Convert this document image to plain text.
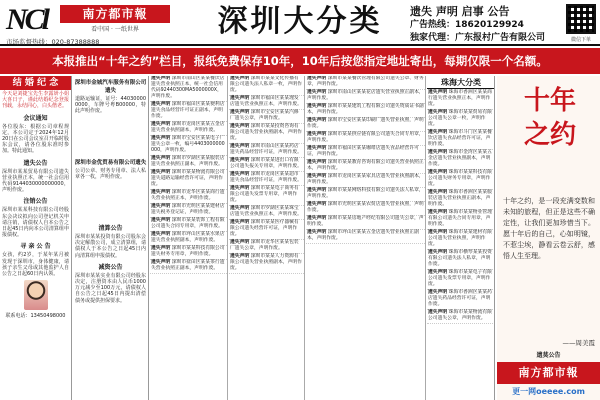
NCl	南方都市報
看中国 · 一纸世界
市场监督热线：020-87388888
深圳大分类	遗失 声明 启事 公告
广告热线：18620129924
独家代理：广东报村广告有限公司	微信下单
本报推出“十年之约”栏目，报纸免费保存10年，10年后按您指定地址寄出，每期仅限一个名额。
结 婚 纪 念
今天是刘捷宝先生李露妍小姐大喜日子，谨此结婚纪念登报刊载，永结同心，白头偕老。
会议通知
各位股东：根据公司章程规定，本公司定于2024年12月20日在公司会议室召开临时股东会议，请各位股东准时参加。特此通知。
遗失公告
深圳市某某贸易有限公司遗失营业执照正本，统一社会信用代码9144030000000000，声明作废。
注销公告
深圳市某某科技有限公司经股东会决议拟向公司登记机关申请注销，请债权人自本公告之日起45日内向本公司清算组申报债权。
寻 亲 公 告
女孩，约2岁，于某年某月被发现于深圳市，身体健康，请孩子亲生父母或其他监护人自公告之日起60日内认领。
联系电话：13450498000
深圳市金城汽车服务有限公司遗失
道路运输证，证号：440300000000，车牌号粤B00000，特此声明作废。
深圳市金优贸易有限公司遗失
公司公章、财务专用章、法人私章各一枚，声明作废。
清算公告
深圳市某某投资有限公司股东会决定解散公司，成立清算组，请债权人于本公告之日起45日内向清算组申报债权。
减资公告
深圳市某某实业有限公司经股东决定，注册资本由人民币1000万元减少至100万元，请债权人自公告之日起45日内提出清偿债务或提供担保要求。
遗失声明 深圳市南山区某某餐饮店遗失营业执照正本，统一社会信用代码92440300MA5000000X，声明作废。
遗失声明 深圳市福田区某某便利店遗失食品经营许可证正副本，声明作废。
遗失声明 深圳市龙岗区某某五金店遗失营业执照副本，声明作废。
遗失声明 深圳市宝安区某某电子厂遗失公章一枚，编号4403000000000，声明作废。
遗失声明 深圳市罗湖区某某服装店遗失营业执照正副本，声明作废。
遗失声明 深圳市某某物流有限公司遗失道路运输经营许可证，声明作废。
遗失声明 深圳市龙华区某某商行遗失营业执照正本，声明作废。
遗失声明 深圳市光明区某某建材店遗失税务登记证，声明作废。
遗失声明 深圳市某某装饰工程有限公司遗失合同专用章，声明作废。
遗失声明 深圳市坪山区某某水果店遗失营业执照副本，声明作废。
遗失声明 深圳市某某科技有限公司遗失财务专用章，声明作废。
遗失声明 深圳市盐田区某某茶行遗失营业执照正副本，声明作废。
遗失声明 深圳市某某文化传播有限公司遗失法人私章一枚，声明作废。
遗失声明 深圳市福田区某某理发店遗失营业执照正本，声明作废。
遗失声明 深圳市宝安区某某汽修厂遗失公章，声明作废。
遗失声明 深圳市某某投资咨询有限公司遗失营业执照副本，声明作废。
遗失声明 深圳市南山区某某药店遗失药品经营许可证，声明作废。
遗失声明 深圳市某某进出口有限公司遗失报关专用章，声明作废。
遗失声明 深圳市龙岗区某某超市遗失食品经营许可证，声明作废。
遗失声明 深圳市某某电子商务有限公司遗失发票专用章，声明作废。
遗失声明 深圳市罗湖区某某珠宝店遗失营业执照正本，声明作废。
遗失声明 深圳市某某医疗器械有限公司遗失经营许可证，声明作废。
遗失声明 深圳市龙华区某某包装厂遗失公章，声明作废。
遗失声明 深圳市某某人力资源有限公司遗失营业执照副本，声明作废。
遗失声明 深圳市某某餐饮管理有限公司遗失公章、财务章，声明作废。
遗失声明 深圳市南山区某某花店遗失营业执照正副本，声明作废。
遗失声明 深圳市某某建筑工程有限公司遗失资质证书副本，声明作废。
遗失声明 深圳市宝安区某某印刷厂遗失营业执照，声明作废。
遗失声明 深圳市某某供应链有限公司遗失合同专用章，声明作废。
遗失声明 深圳市福田区某某咖啡店遗失食品经营许可证，声明作废。
遗失声明 深圳市某某教育咨询有限公司遗失营业执照正本，声明作废。
遗失声明 深圳市龙岗区某某家具店遗失营业执照副本，声明作废。
遗失声明 深圳市某某网络科技有限公司遗失法人私章，声明作废。
遗失声明 深圳市光明区某某农贸店遗失营业执照，声明作废。
遗失声明 深圳市某某房地产经纪有限公司遗失公章，声明作废。
遗失声明 深圳市坪山区某某五金店遗失营业执照正副本，声明作废。
珠海大分类
遗失声明 珠海市香洲区某某商行遗失营业执照正本，声明作废。
遗失声明 珠海市某某贸易有限公司遗失公章一枚，声明作废。
遗失声明 珠海市斗门区某某餐饮店遗失食品经营许可证，声明作废。
遗失声明 珠海市金湾区某某五金店遗失营业执照副本，声明作废。
遗失声明 珠海市某某科技有限公司遗失财务专用章，声明作废。
遗失声明 珠海市香洲区某某服装店遗失营业执照正副本，声明作废。
遗失声明 珠海市某某物业管理有限公司遗失合同专用章，声明作废。
遗失声明 珠海市某某建材有限公司遗失营业执照，声明作废。
遗失声明 珠海市横琴某某投资有限公司遗失法人私章，声明作废。
遗失声明 珠海市某某电子有限公司遗失发票专用章，声明作废。
遗失声明 珠海市香洲区某某药店遗失药品经营许可证，声明作废。
遗失声明 珠海市某某物流有限公司遗失公章，声明作废。
十年
之约
十年之约，是一段充满变数和未知的旅程，但正是这些不确定性，让我们更加珍惜当下。愿十年后的自己，心如明镜，不惹尘埃，静看云卷云舒，感悟人生至理。
——周美霞
遗莫公告
南方都市報
更一网oeeee.com
